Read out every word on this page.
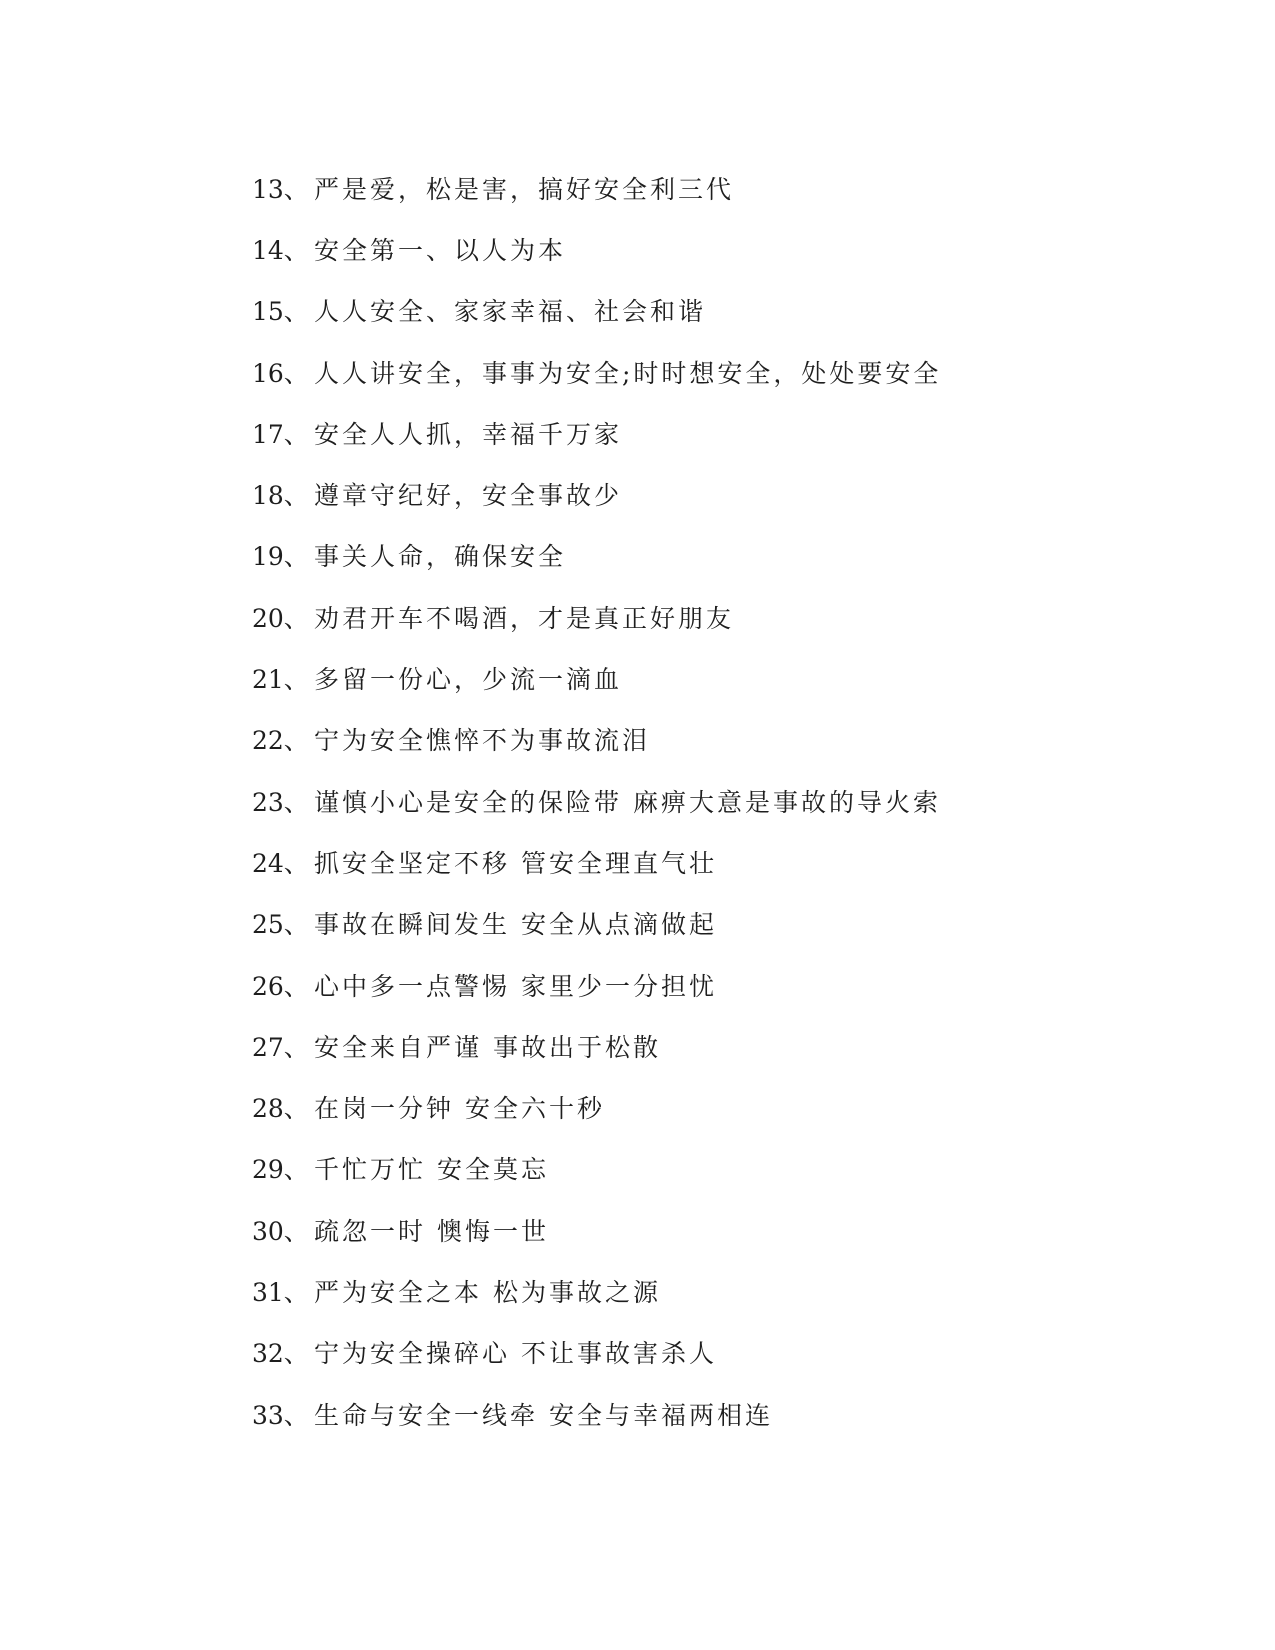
13、 严是爱，松是害，搞好安全利三代
14、 安全第一、以人为本
15、 人人安全、家家幸福、社会和谐
16、 人人讲安全，事事为安全;时时想安全，处处要安全
17、 安全人人抓，幸福千万家
18、 遵章守纪好，安全事故少
19、 事关人命，确保安全
20、 劝君开车不喝酒，才是真正好朋友
21、 多留一份心，少流一滴血
22、 宁为安全憔悴不为事故流泪
23、 谨慎小心是安全的保险带 麻痹大意是事故的导火索
24、 抓安全坚定不移 管安全理直气壮
25、 事故在瞬间发生 安全从点滴做起
26、 心中多一点警惕 家里少一分担忧
27、 安全来自严谨 事故出于松散
28、 在岗一分钟 安全六十秒
29、 千忙万忙 安全莫忘
30、 疏忽一时 懊悔一世
31、 严为安全之本 松为事故之源
32、 宁为安全操碎心 不让事故害杀人
33、 生命与安全一线牵 安全与幸福两相连
